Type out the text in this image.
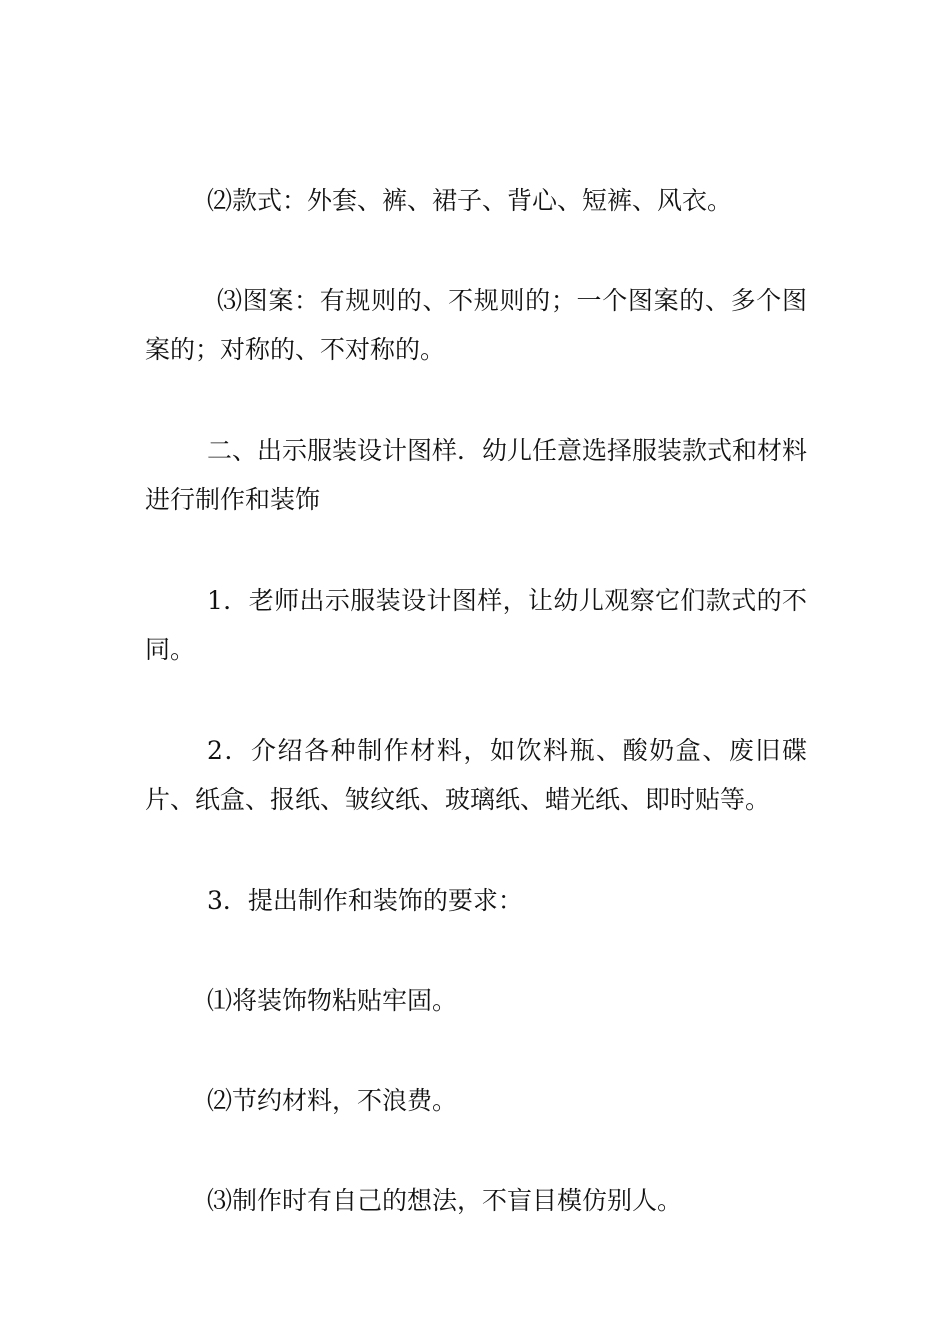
⑵款式：外套、裤、裙子、背心、短裤、风衣。

⑶图案：有规则的、不规则的；一个图案的、多个图案的；对称的、不对称的。

二、出示服装设计图样．幼儿任意选择服装款式和材料进行制作和装饰

1．老师出示服装设计图样，让幼儿观察它们款式的不同。

2．介绍各种制作材料，如饮料瓶、酸奶盒、废旧碟片、纸盒、报纸、皱纹纸、玻璃纸、蜡光纸、即时贴等。

3．提出制作和装饰的要求：

⑴将装饰物粘贴牢固。

⑵节约材料，不浪费。

⑶制作时有自己的想法，不盲目模仿别人。
